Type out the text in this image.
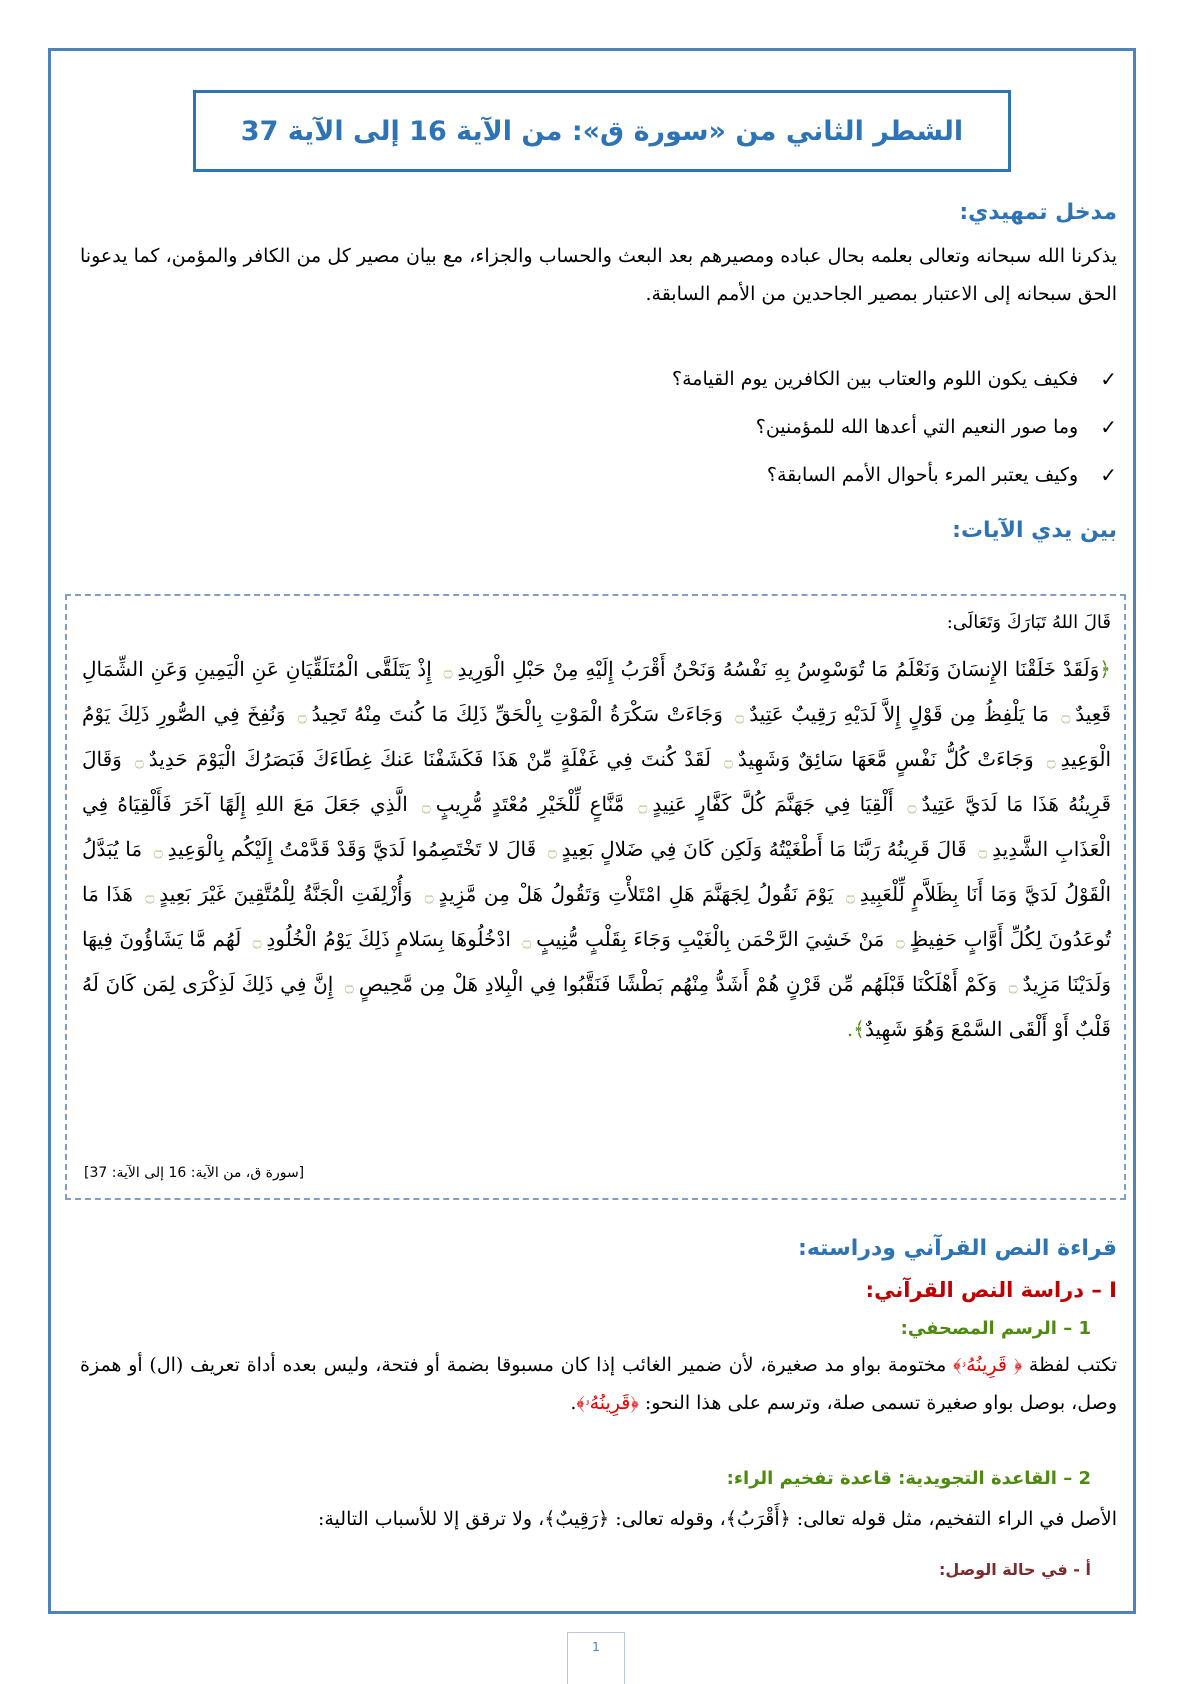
الشطر الثاني من «سورة ق»: من الآية 16 إلى الآية 37
مدخل تمهيدي:
يذكرنا الله سبحانه وتعالى بعلمه بحال عباده ومصيرهم بعد البعث والحساب والجزاء، مع بيان مصير كل من الكافر والمؤمن، كما يدعونا الحق سبحانه إلى الاعتبار بمصير الجاحدين من الأمم السابقة.
✓
فكيف يكون اللوم والعتاب بين الكافرين يوم القيامة؟
✓
وما صور النعيم التي أعدها الله للمؤمنين؟
✓
وكيف يعتبر المرء بأحوال الأمم السابقة؟
بين يدي الآيات:
قَالَ اللهُ تَبَارَكَ وَتَعَالَى:
﴿وَلَقَدْ خَلَقْنَا الإِنسَانَ وَنَعْلَمُ مَا تُوَسْوِسُ بِهِ نَفْسُهُ وَنَحْنُ أَقْرَبُ إِلَيْهِ مِنْ حَبْلِ الْوَرِيدِ۝ إِذْ يَتَلَقَّى الْمُتَلَقِّيَانِ عَنِ الْيَمِينِ وَعَنِ الشِّمَالِ قَعِيدٌ۝ مَا يَلْفِظُ مِن قَوْلٍ إِلاَّ لَدَيْهِ رَقِيبٌ عَتِيدٌ۝ وَجَاءَتْ سَكْرَةُ الْمَوْتِ بِالْحَقِّ ذَلِكَ مَا كُنتَ مِنْهُ تَحِيدُ۝ وَنُفِخَ فِي الصُّورِ ذَلِكَ يَوْمُ الْوَعِيدِ۝ وَجَاءَتْ كُلُّ نَفْسٍ مَّعَهَا سَائِقٌ وَشَهِيدٌ۝ لَقَدْ كُنتَ فِي غَفْلَةٍ مِّنْ هَذَا فَكَشَفْنَا عَنكَ غِطَاءَكَ فَبَصَرُكَ الْيَوْمَ حَدِيدٌ۝ وَقَالَ قَرِينُهُ هَذَا مَا لَدَيَّ عَتِيدٌ۝ أَلْقِيَا فِي جَهَنَّمَ كُلَّ كَفَّارٍ عَنِيدٍ۝ مَّنَّاعٍ لِّلْخَيْرِ مُعْتَدٍ مُّرِيبٍ۝ الَّذِي جَعَلَ مَعَ اللهِ إِلَهًا آخَرَ فَأَلْقِيَاهُ فِي الْعَذَابِ الشَّدِيدِ۝ قَالَ قَرِينُهُ رَبَّنَا مَا أَطْغَيْتُهُ وَلَكِن كَانَ فِي ضَلالٍ بَعِيدٍ۝ قَالَ لا تَخْتَصِمُوا لَدَيَّ وَقَدْ قَدَّمْتُ إِلَيْكُم بِالْوَعِيدِ۝ مَا يُبَدَّلُ الْقَوْلُ لَدَيَّ وَمَا أَنَا بِظَلاَّمٍ لِّلْعَبِيدِ۝ يَوْمَ نَقُولُ لِجَهَنَّمَ هَلِ امْتَلأْتِ وَتَقُولُ هَلْ مِن مَّزِيدٍ۝ وَأُزْلِفَتِ الْجَنَّةُ لِلْمُتَّقِينَ غَيْرَ بَعِيدٍ۝ هَذَا مَا تُوعَدُونَ لِكُلِّ أَوَّابٍ حَفِيظٍ۝ مَنْ خَشِيَ الرَّحْمَن بِالْغَيْبِ وَجَاءَ بِقَلْبٍ مُّنِيبٍ۝ ادْخُلُوهَا بِسَلامٍ ذَلِكَ يَوْمُ الْخُلُودِ۝ لَهُم مَّا يَشَاؤُونَ فِيهَا وَلَدَيْنَا مَزِيدٌ۝ وَكَمْ أَهْلَكْنَا قَبْلَهُم مِّن قَرْنٍ هُمْ أَشَدُّ مِنْهُم بَطْشًا فَنَقَّبُوا فِي الْبِلادِ هَلْ مِن مَّحِيصٍ۝ إِنَّ فِي ذَلِكَ لَذِكْرَى لِمَن كَانَ لَهُ قَلْبٌ أَوْ أَلْقَى السَّمْعَ وَهُوَ شَهِيدٌ﴾.
[سورة ق، من الآية: 16 إلى الآية: 37]
قراءة النص القرآني ودراسته:
I – دراسة النص القرآني:
1 – الرسم المصحفي:
تكتب لفظة ﴿ قَرِينُهُۥ﴾ مختومة بواو مد صغيرة، لأن ضمير الغائب إذا كان مسبوقا بضمة أو فتحة، وليس بعده أداة تعريف (ال) أو همزة وصل، بوصل بواو صغيرة تسمى صلة، وترسم على هذا النحو: ﴿قَرِينُهُۥ﴾.
2 – القاعدة التجويدية: قاعدة تفخيم الراء:
الأصل في الراء التفخيم، مثل قوله تعالى: ﴿أَقْرَبُ﴾، وقوله تعالى: ﴿رَقِيبٌ﴾، ولا ترقق إلا للأسباب التالية:
أ - في حالة الوصل:
1
